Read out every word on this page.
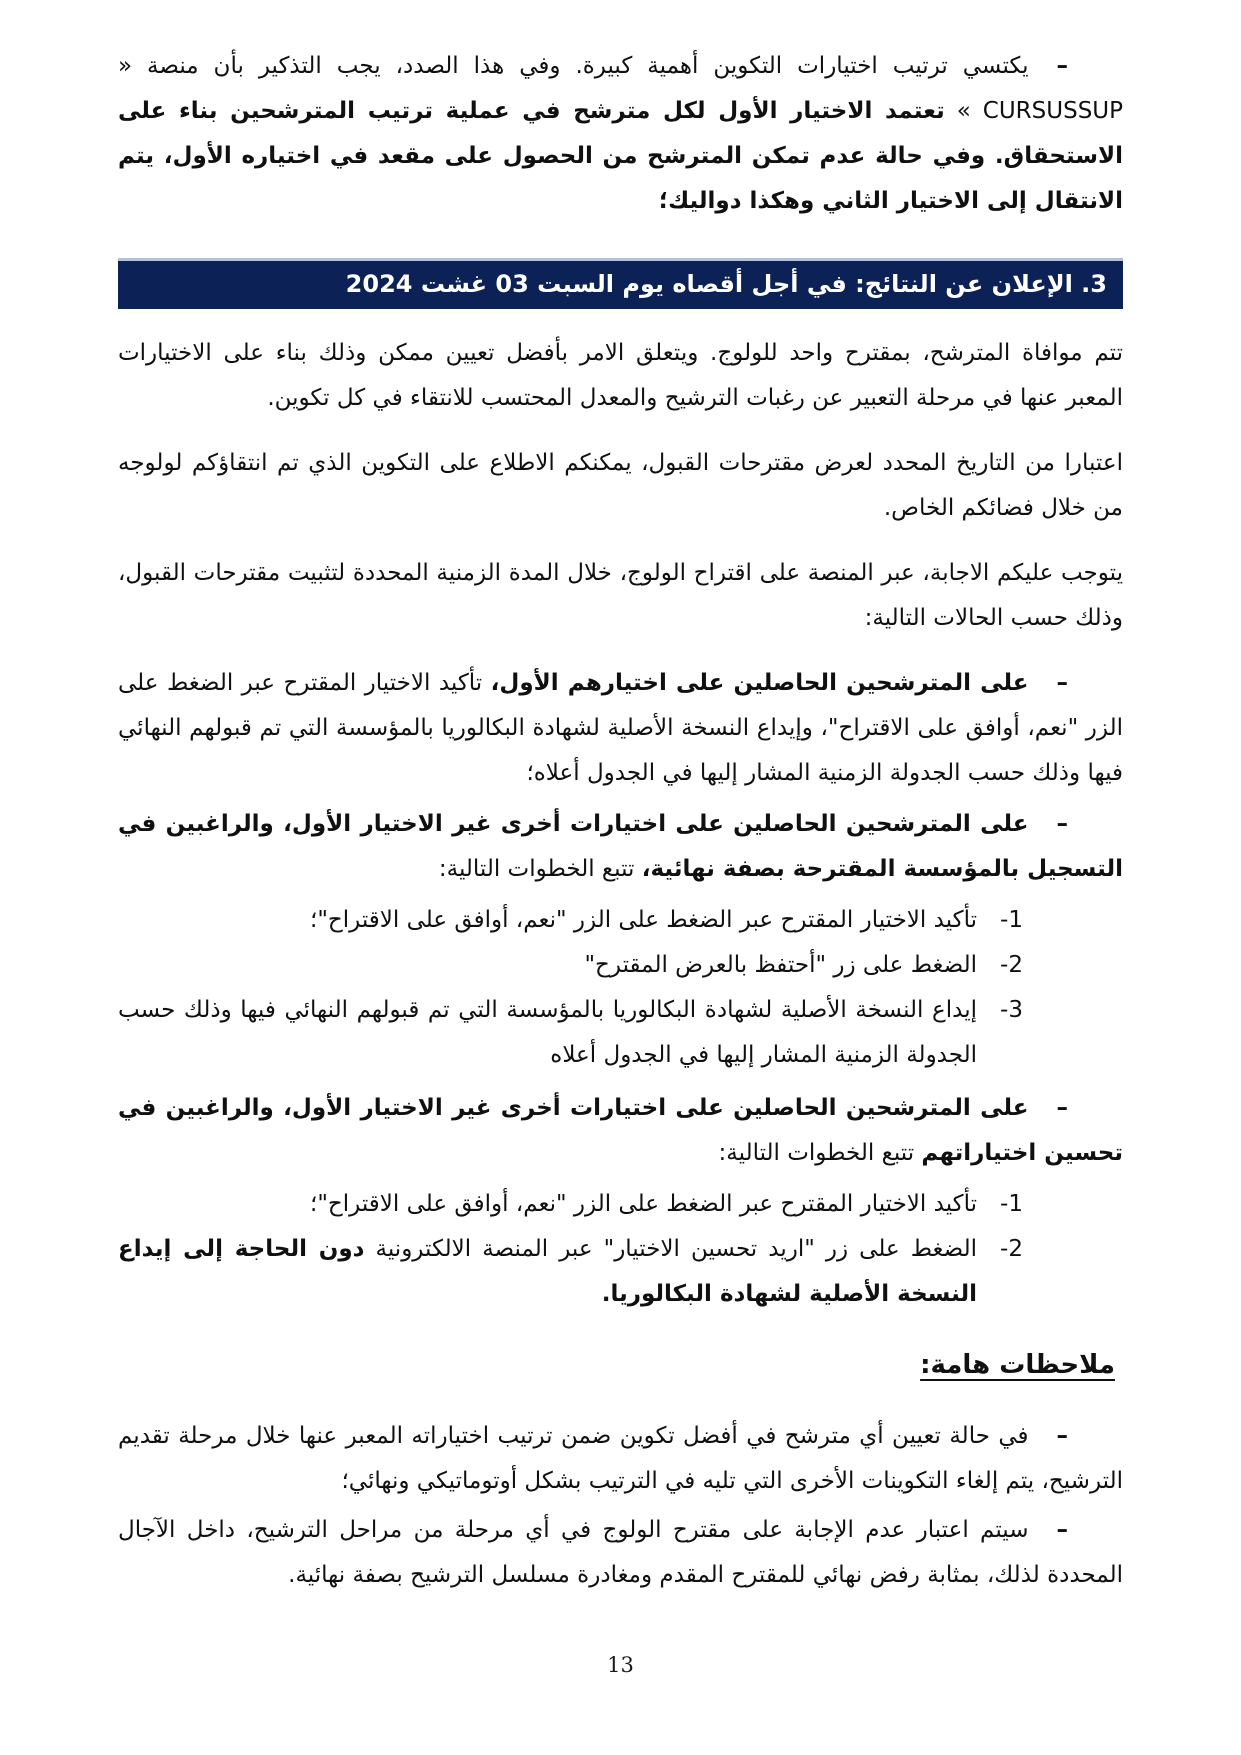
–يكتسي ترتيب اختيارات التكوين أهمية كبيرة. وفي هذا الصدد، يجب التذكير بأن منصة « CURSUSSUP » تعتمد الاختيار الأول لكل مترشح في عملية ترتيب المترشحين بناء على الاستحقاق. وفي حالة عدم تمكن المترشح من الحصول على مقعد في اختياره الأول، يتم الانتقال إلى الاختيار الثاني وهكذا دواليك؛

3. الإعلان عن النتائج: في أجل أقصاه يوم السبت 03 غشت 2024

تتم موافاة المترشح، بمقترح واحد للولوج. ويتعلق الامر بأفضل تعيين ممكن وذلك بناء على الاختيارات المعبر عنها في مرحلة التعبير عن رغبات الترشيح والمعدل المحتسب للانتقاء في كل تكوين.

اعتبارا من التاريخ المحدد لعرض مقترحات القبول، يمكنكم الاطلاع على التكوين الذي تم انتقاؤكم لولوجه من خلال فضائكم الخاص.

يتوجب عليكم الاجابة، عبر المنصة على اقتراح الولوج، خلال المدة الزمنية المحددة لتثبيت مقترحات القبول، وذلك حسب الحالات التالية:

–على المترشحين الحاصلين على اختيارهم الأول، تأكيد الاختيار المقترح عبر الضغط على الزر "نعم، أوافق على الاقتراح"، وإيداع النسخة الأصلية لشهادة البكالوريا بالمؤسسة التي تم قبولهم النهائي فيها وذلك حسب الجدولة الزمنية المشار إليها في الجدول أعلاه؛

–على المترشحين الحاصلين على اختيارات أخرى غير الاختيار الأول، والراغبين في التسجيل بالمؤسسة المقترحة بصفة نهائية، تتبع الخطوات التالية:

1-
تأكيد الاختيار المقترح عبر الضغط على الزر "نعم، أوافق على الاقتراح"؛
2-
الضغط على زر "أحتفظ بالعرض المقترح"
3-
إيداع النسخة الأصلية لشهادة البكالوريا بالمؤسسة التي تم قبولهم النهائي فيها وذلك حسب الجدولة الزمنية المشار إليها في الجدول أعلاه

–على المترشحين الحاصلين على اختيارات أخرى غير الاختيار الأول، والراغبين في تحسين اختياراتهم تتبع الخطوات التالية:

1-
تأكيد الاختيار المقترح عبر الضغط على الزر "نعم، أوافق على الاقتراح"؛
2-
الضغط على زر "اريد تحسين الاختيار" عبر المنصة الالكترونية دون الحاجة إلى إيداع النسخة الأصلية لشهادة البكالوريا.

ملاحظات هامة:

–في حالة تعيين أي مترشح في أفضل تكوين ضمن ترتيب اختياراته المعبر عنها خلال مرحلة تقديم الترشيح، يتم إلغاء التكوينات الأخرى التي تليه في الترتيب بشكل أوتوماتيكي ونهائي؛

–سيتم اعتبار عدم الإجابة على مقترح الولوج في أي مرحلة من مراحل الترشيح، داخل الآجال المحددة لذلك، بمثابة رفض نهائي للمقترح المقدم ومغادرة مسلسل الترشيح بصفة نهائية.

13
